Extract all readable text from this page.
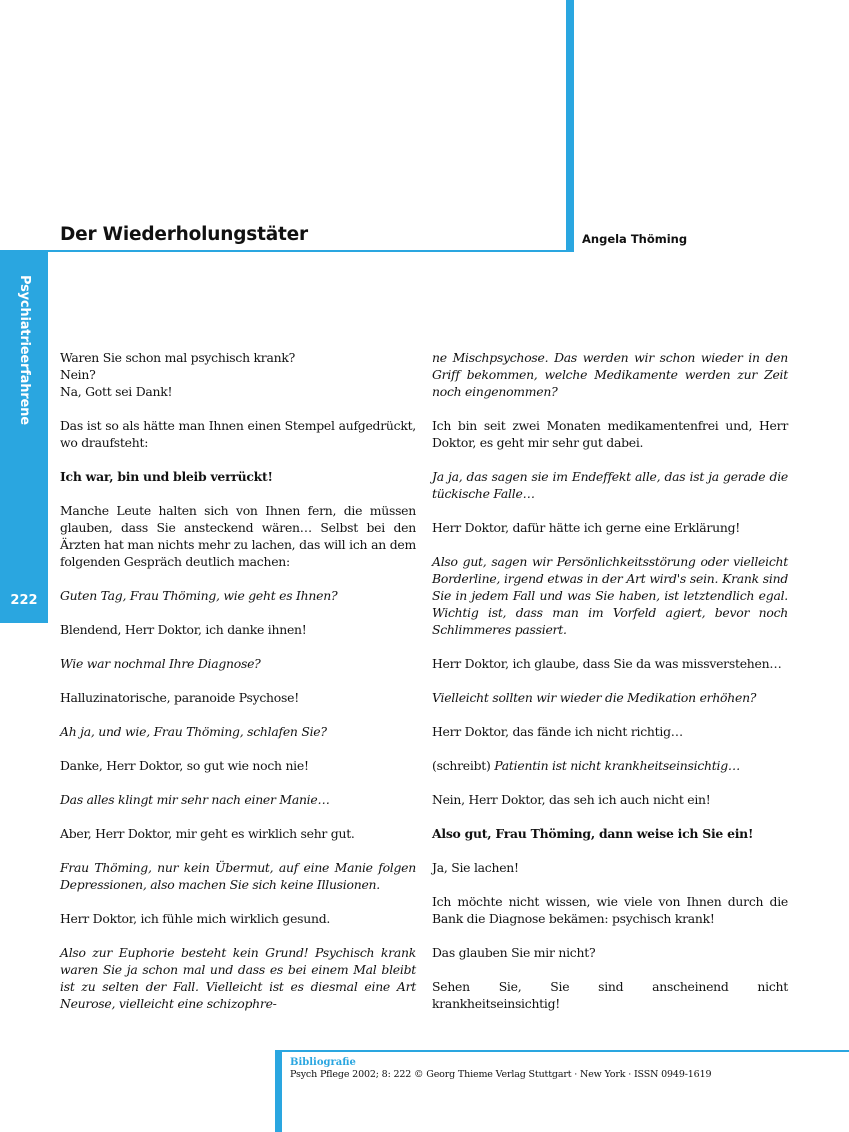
Der Wiederholungstäter	Angela Thöming
Psychiatrieerfahrene
222

Waren Sie schon mal psychisch krank?
Nein?
Na, Gott sei Dank!

Das ist so als hätte man Ihnen einen Stempel aufgedrückt, wo draufsteht:

Ich war, bin und bleib verrückt!

Manche Leute halten sich von Ihnen fern, die müssen glauben, dass Sie ansteckend wären… Selbst bei den Ärzten hat man nichts mehr zu lachen, das will ich an dem folgenden Gespräch deutlich machen:

Guten Tag, Frau Thöming, wie geht es Ihnen?

Blendend, Herr Doktor, ich danke ihnen!

Wie war nochmal Ihre Diagnose?

Halluzinatorische, paranoide Psychose!

Ah ja, und wie, Frau Thöming, schlafen Sie?

Danke, Herr Doktor, so gut wie noch nie!

Das alles klingt mir sehr nach einer Manie…

Aber, Herr Doktor, mir geht es wirklich sehr gut.

Frau Thöming, nur kein Übermut, auf eine Manie folgen Depressionen, also machen Sie sich keine Illusionen.

Herr Doktor, ich fühle mich wirklich gesund.

Also zur Euphorie besteht kein Grund! Psychisch krank waren Sie ja schon mal und dass es bei einem Mal bleibt ist zu selten der Fall. Vielleicht ist es diesmal eine Art Neurose, vielleicht eine schizophre-

ne Mischpsychose. Das werden wir schon wieder in den Griff bekommen, welche Medikamente werden zur Zeit noch eingenommen?

Ich bin seit zwei Monaten medikamentenfrei und, Herr Doktor, es geht mir sehr gut dabei.

Ja ja, das sagen sie im Endeffekt alle, das ist ja gerade die tückische Falle…

Herr Doktor, dafür hätte ich gerne eine Erklärung!

Also gut, sagen wir Persönlichkeitsstörung oder vielleicht Borderline, irgend etwas in der Art wird's sein. Krank sind Sie in jedem Fall und was Sie haben, ist letztendlich egal. Wichtig ist, dass man im Vorfeld agiert, bevor noch Schlimmeres passiert.

Herr Doktor, ich glaube, dass Sie da was missverstehen…

Vielleicht sollten wir wieder die Medikation erhöhen?

Herr Doktor, das fände ich nicht richtig…

(schreibt) Patientin ist nicht krankheitseinsichtig…

Nein, Herr Doktor, das seh ich auch nicht ein!

Also gut, Frau Thöming, dann weise ich Sie ein!

Ja, Sie lachen!

Ich möchte nicht wissen, wie viele von Ihnen durch die Bank die Diagnose bekämen: psychisch krank!

Das glauben Sie mir nicht?

Sehen Sie, Sie sind anscheinend nicht krankheitseinsichtig!

Bibliografie
Psych Pflege 2002; 8: 222 © Georg Thieme Verlag Stuttgart · New York · ISSN 0949-1619
